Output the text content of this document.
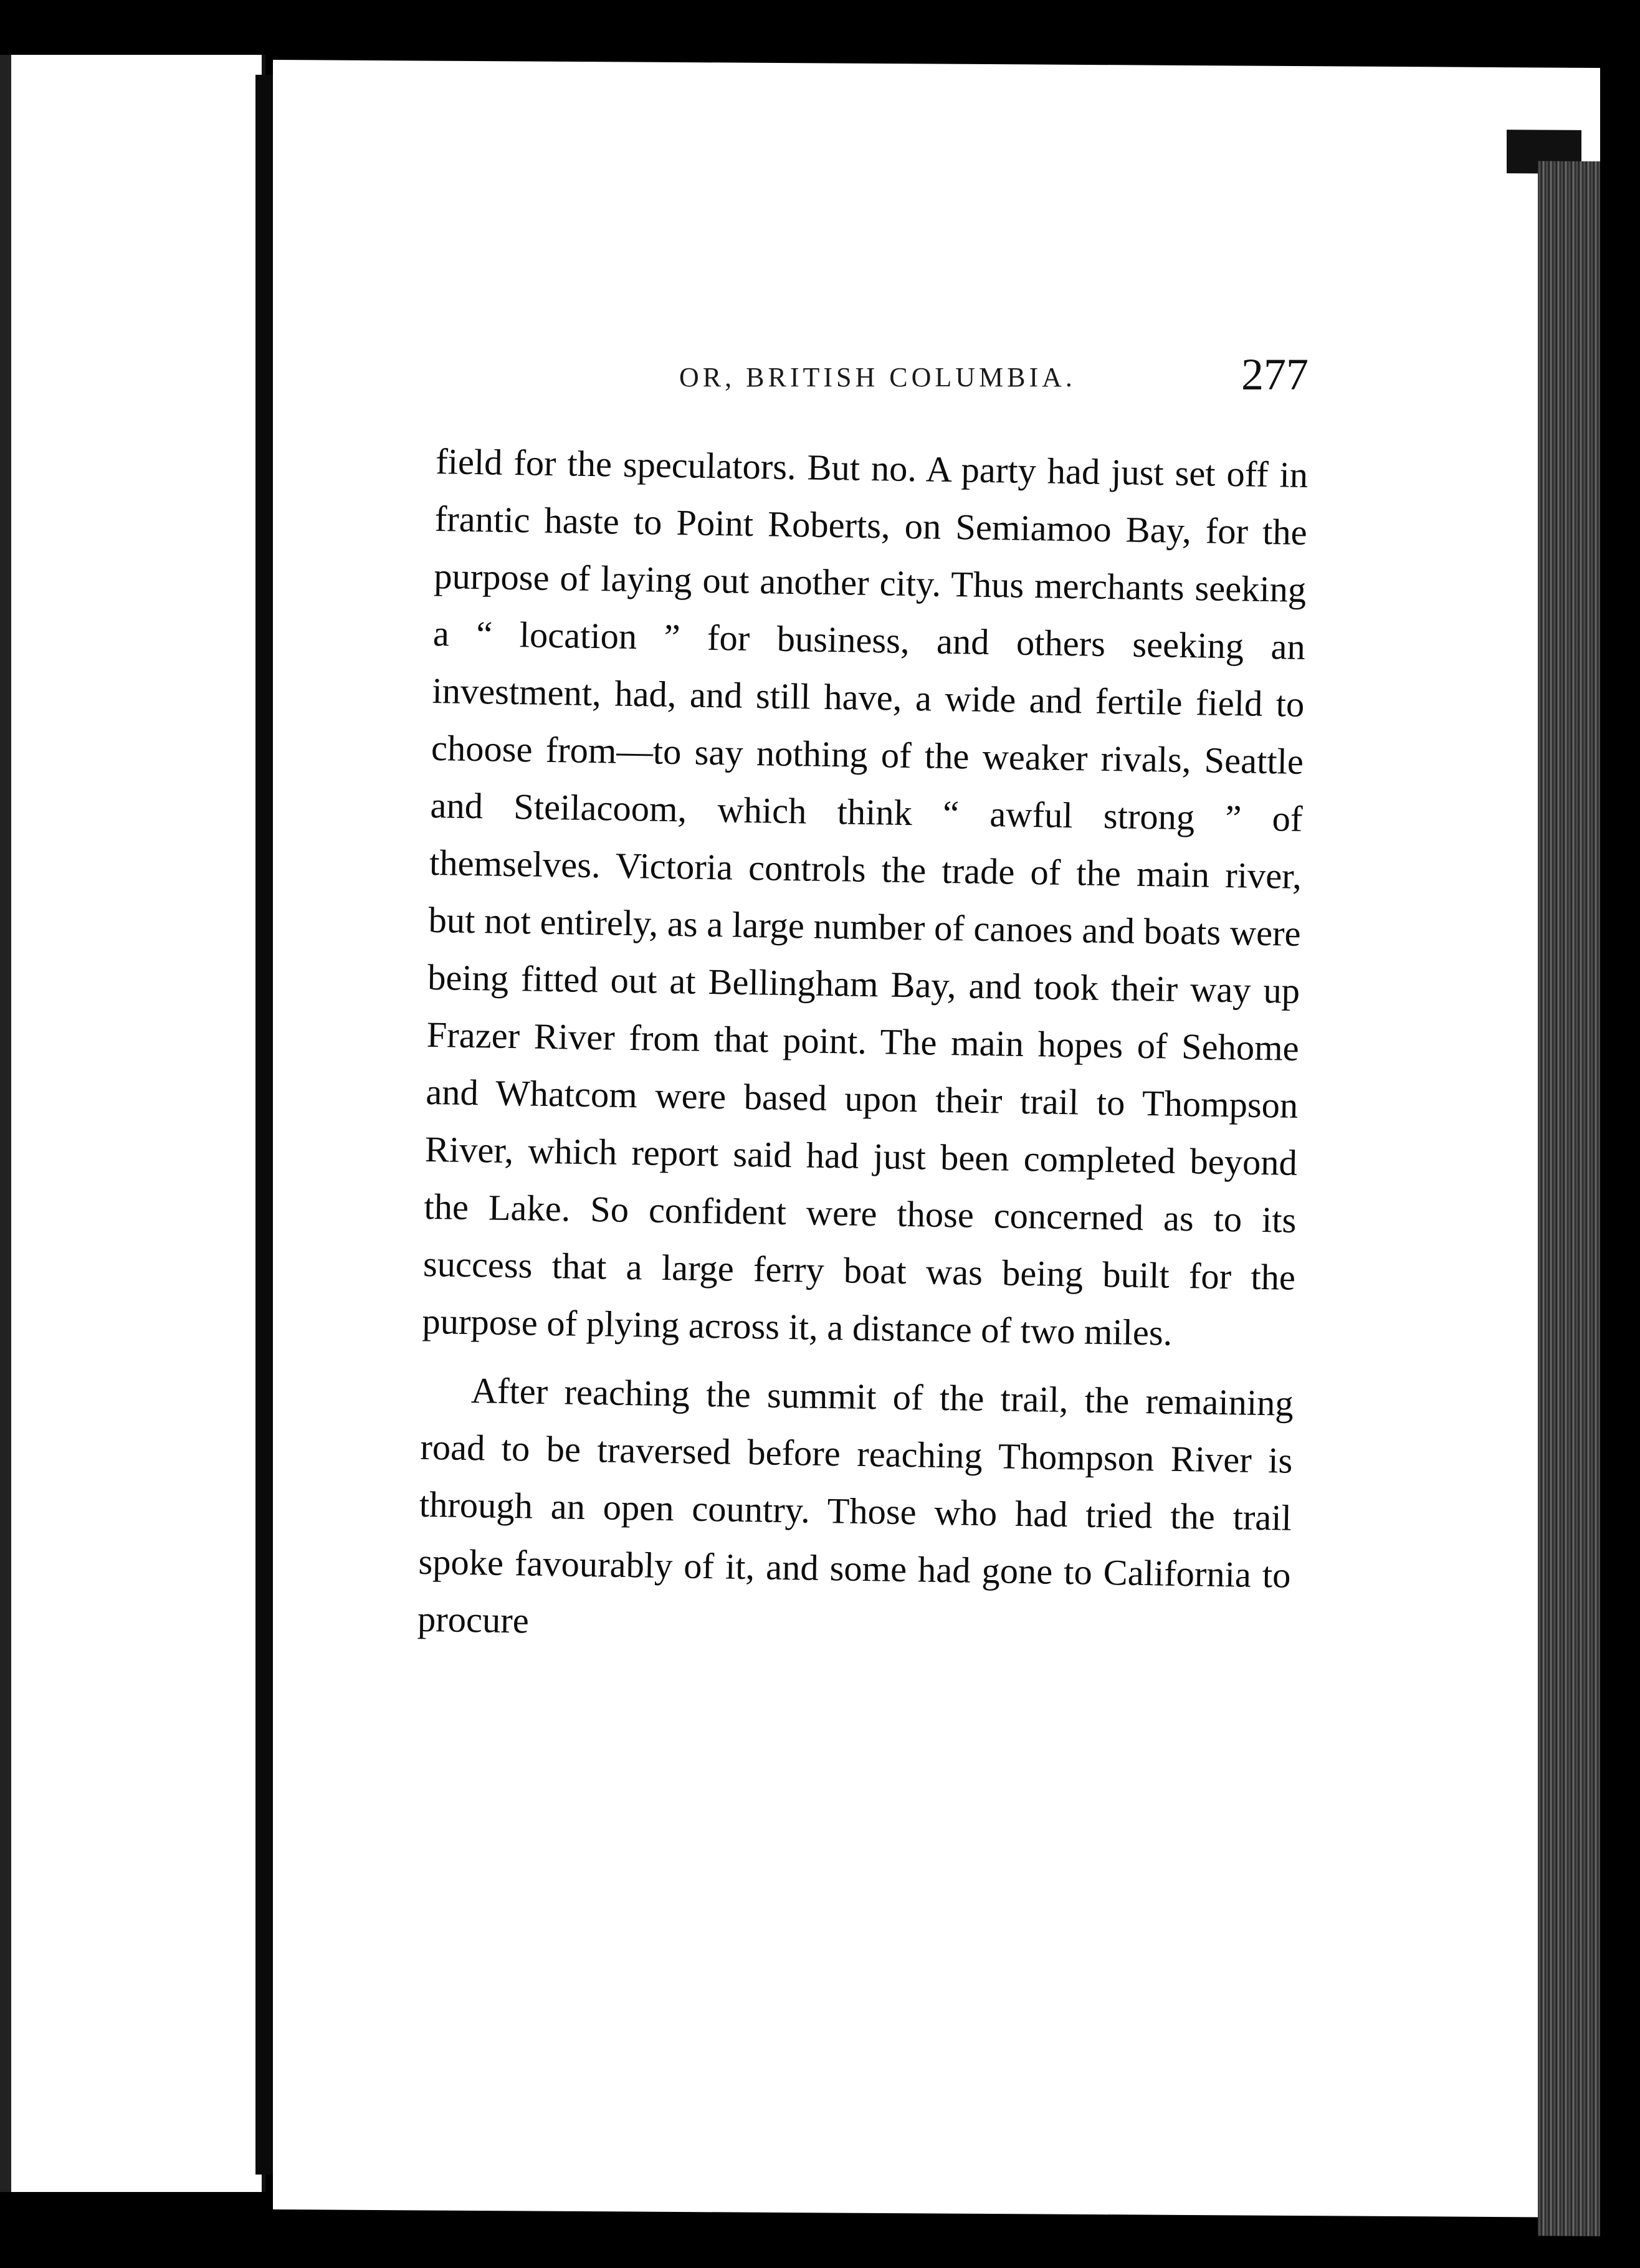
OR, BRITISH COLUMBIA.	277

field for the speculators. But no. A party had just set off in frantic haste to Point Roberts, on Semiamoo Bay, for the purpose of laying out another city. Thus merchants seeking a “ location ” for business, and others seeking an investment, had, and still have, a wide and fertile field to choose from—to say nothing of the weaker rivals, Seattle and Steilacoom, which think “ awful strong ” of themselves. Victoria controls the trade of the main river, but not entirely, as a large number of canoes and boats were being fitted out at Bellingham Bay, and took their way up Frazer River from that point. The main hopes of Sehome and Whatcom were based upon their trail to Thompson River, which report said had just been completed beyond the Lake. So confident were those concerned as to its success that a large ferry boat was being built for the purpose of plying across it, a distance of two miles.

After reaching the summit of the trail, the remaining road to be traversed before reaching Thompson River is through an open country. Those who had tried the trail spoke favourably of it, and some had gone to California to procure
